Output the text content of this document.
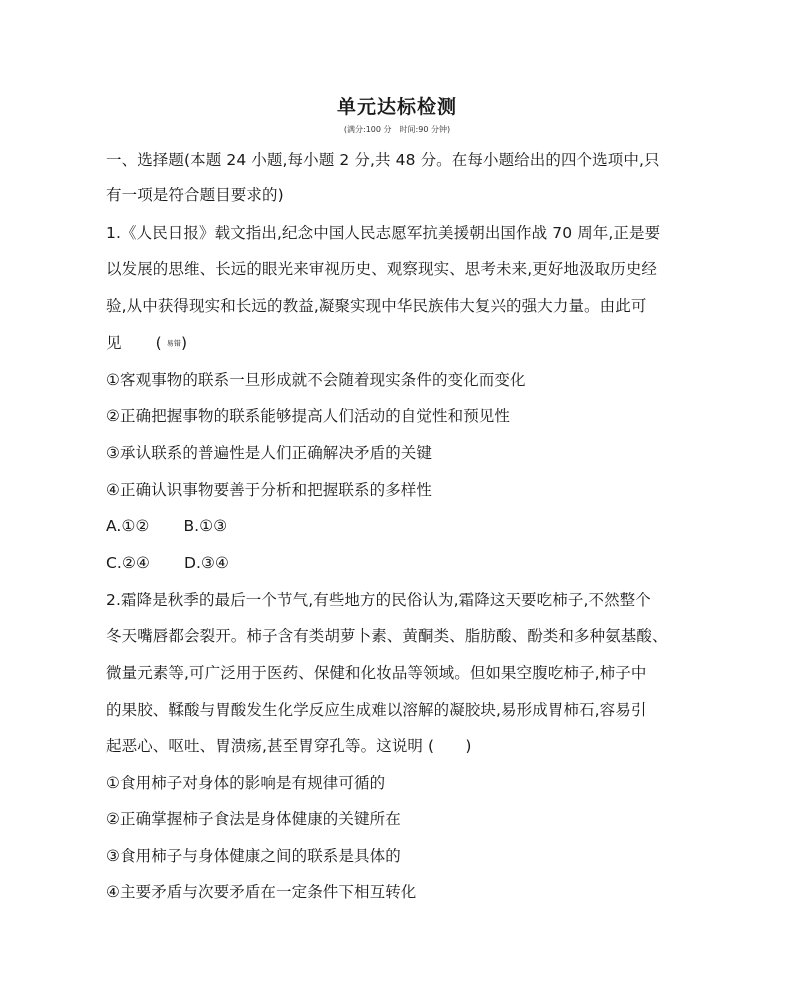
单元达标检测
(满分:100 分　时间:90 分钟)
一、选择题(本题 24 小题,每小题 2 分,共 48 分。在每小题给出的四个选项中,只
有一项是符合题目要求的)
1.《人民日报》载文指出,纪念中国人民志愿军抗美援朝出国作战 70 周年,正是要
以发展的思维、长远的眼光来审视历史、观察现实、思考未来,更好地汲取历史经
验,从中获得现实和长远的教益,凝聚实现中华民族伟大复兴的强大力量。由此可
见 ( 易错)
①客观事物的联系一旦形成就不会随着现实条件的变化而变化
②正确把握事物的联系能够提高人们活动的自觉性和预见性
③承认联系的普遍性是人们正确解决矛盾的关键
④正确认识事物要善于分析和把握联系的多样性
A.①② B.①③
C.②④ D.③④
2.霜降是秋季的最后一个节气,有些地方的民俗认为,霜降这天要吃柿子,不然整个
冬天嘴唇都会裂开。柿子含有类胡萝卜素、黄酮类、脂肪酸、酚类和多种氨基酸、
微量元素等,可广泛用于医药、保健和化妆品等领域。但如果空腹吃柿子,柿子中
的果胶、鞣酸与胃酸发生化学反应生成难以溶解的凝胶块,易形成胃柿石,容易引
起恶心、呕吐、胃溃疡,甚至胃穿孔等。这说明 (　　)
①食用柿子对身体的影响是有规律可循的
②正确掌握柿子食法是身体健康的关键所在
③食用柿子与身体健康之间的联系是具体的
④主要矛盾与次要矛盾在一定条件下相互转化
